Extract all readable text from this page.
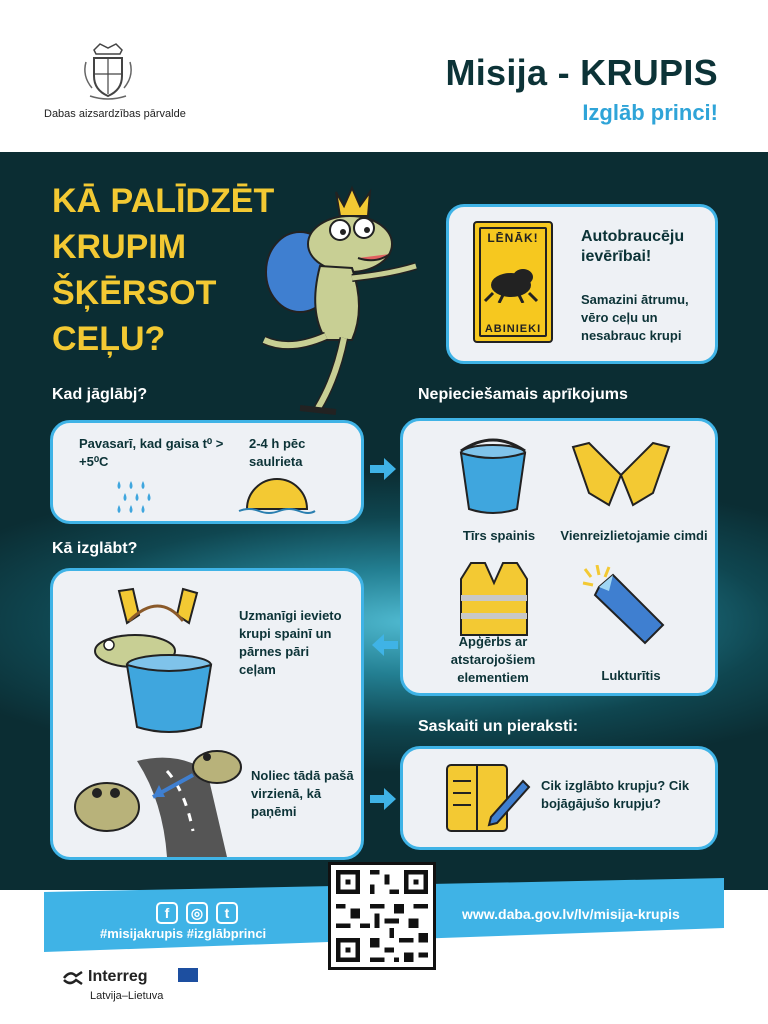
Dabas aizsardzības pārvalde
Misija - KRUPIS
Izglāb princi!
KĀ PALĪDZĒT
KRUPIM
ŠĶĒRSOT
CEĻU?
LĒNĀK!
ABINIEKI
Autobraucēju ievērībai!
Samazini ātrumu, vēro ceļu un nesabrauc krupi
Kad jāglābj?
Pavasarī, kad gaisa t⁰ > +5⁰C
2-4 h pēc saulrieta
Nepieciešamais aprīkojums
Tīrs spainis	Vienreizlietojamie cimdi
Apģērbs ar atstarojošiem elementiem	Lukturītis
Kā izglābt?
Uzmanīgi ievieto krupi spainī un pārnes pāri ceļam
Noliec tādā pašā virzienā, kā paņēmi
Saskaiti un pieraksti:
Cik izglābto krupju? Cik bojāgājušo krupju?
f	◎	t
#misijakrupis #izglābprinci
www.daba.gov.lv/lv/misija-krupis
Interreg
Latvija–Lietuva
